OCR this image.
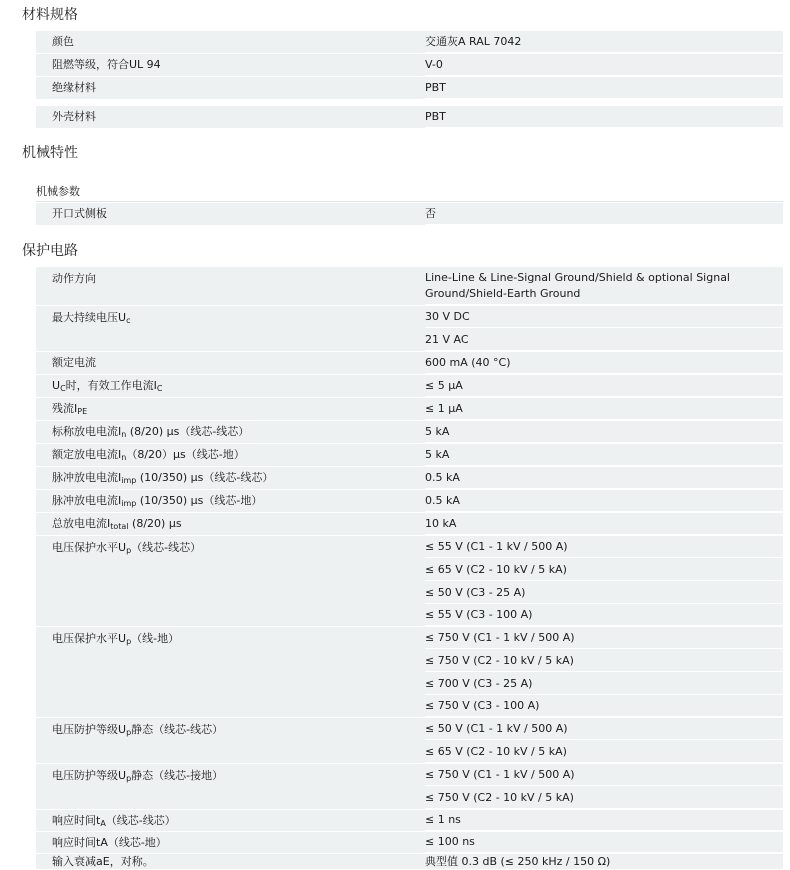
材料规格
颜色	交通灰A RAL 7042
阻燃等级，符合UL 94	V-0
绝缘材料	PBT
外壳材料	PBT
机械特性
机械参数
开口式侧板	否
保护电路
动作方向	Line-Line & Line-Signal Ground/Shield & optional Signal Ground/Shield-Earth Ground
最大持续电压$U_c$	30 V DC
21 V AC
额定电流	600 mA (40 °C)
$U_C$时，有效工作电流$I_C$	≤ 5 μA
残流$I_{PE}$	≤ 1 μA
标称放电电流$I_n$ (8/20) μs（线芯-线芯）	5 kA
额定放电电流$I_n(8/20)\mu s$（线芯-地）	5 kA
脉冲放电电流$I_{imp}$ (10/350) μs（线芯-线芯）	0.5 kA
脉冲放电电流$I_{imp}$ (10/350) μs（线芯-地）	0.5 kA
总放电电流$I_{total}$ (8/20) μs	10 kA
电压保护水平$U_p$（线芯-线芯）	≤ 55 V (C1 - 1 kV / 500 A)
≤ 65 V (C2 - 10 kV / 5 kA)
≤ 50 V (C3 - 25 A)
≤ 55 V (C3 - 100 A)
电压保护水平$U_p$（线-地）	≤ 750 V (C1 - 1 kV / 500 A)
≤ 750 V (C2 - 10 kV / 5 kA)
≤ 700 V (C3 - 25 A)
≤ 750 V (C3 - 100 A)
电压防护等级$U_p$静态（线芯-线芯）	≤ 50 V (C1 - 1 kV / 500 A)
≤ 65 V (C2 - 10 kV / 5 kA)
电压防护等级$U_p$静态（线芯-接地）	≤ 750 V (C1 - 1 kV / 500 A)
≤ 750 V (C2 - 10 kV / 5 kA)
响应时间$t_A$（线芯-线芯）	≤ 1 ns
响应时间tA（线芯-地）	≤ 100 ns
输入衰减aE，对称。	典型值 0.3 dB (≤ 250 kHz / 150 Ω)
